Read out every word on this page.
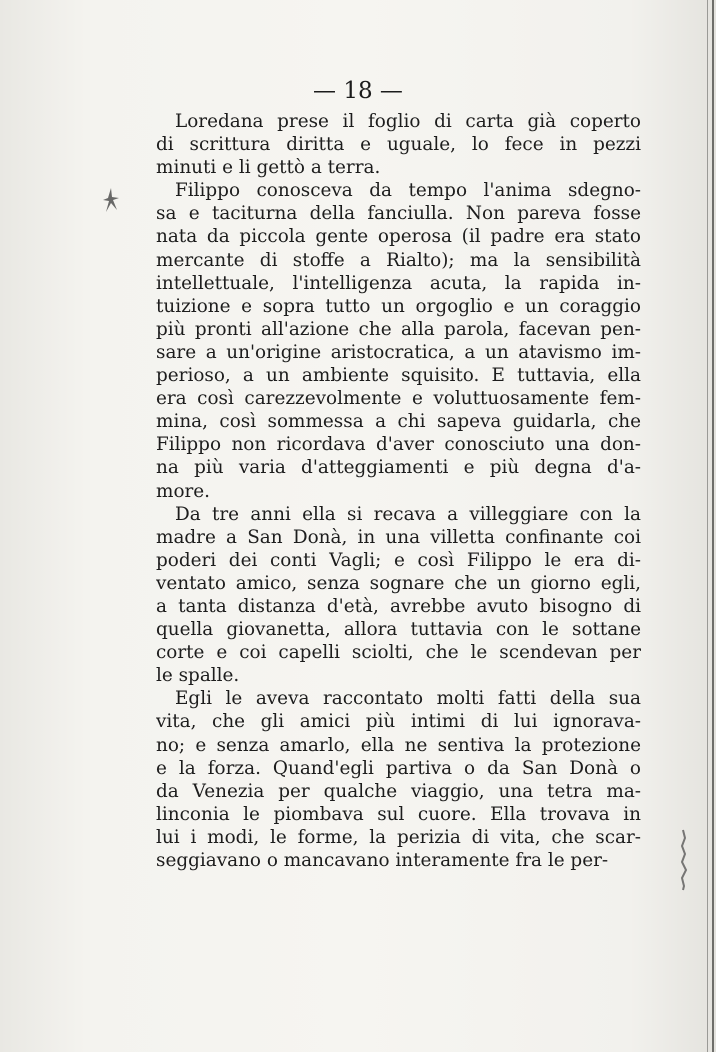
— 18 —
Loredana prese il foglio di carta già coperto
di scrittura diritta e uguale, lo fece in pezzi
minuti e li gettò a terra.
Filippo conosceva da tempo l'anima sdegno-
sa e taciturna della fanciulla. Non pareva fosse
nata da piccola gente operosa (il padre era stato
mercante di stoffe a Rialto); ma la sensibilità
intellettuale, l'intelligenza acuta, la rapida in-
tuizione e sopra tutto un orgoglio e un coraggio
più pronti all'azione che alla parola, facevan pen-
sare a un'origine aristocratica, a un atavismo im-
perioso, a un ambiente squisito. E tuttavia, ella
era così carezzevolmente e voluttuosamente fem-
mina, così sommessa a chi sapeva guidarla, che
Filippo non ricordava d'aver conosciuto una don-
na più varia d'atteggiamenti e più degna d'a-
more.
Da tre anni ella si recava a villeggiare con la
madre a San Donà, in una villetta confinante coi
poderi dei conti Vagli; e così Filippo le era di-
ventato amico, senza sognare che un giorno egli,
a tanta distanza d'età, avrebbe avuto bisogno di
quella giovanetta, allora tuttavia con le sottane
corte e coi capelli sciolti, che le scendevan per
le spalle.
Egli le aveva raccontato molti fatti della sua
vita, che gli amici più intimi di lui ignorava-
no; e senza amarlo, ella ne sentiva la protezione
e la forza. Quand'egli partiva o da San Donà o
da Venezia per qualche viaggio, una tetra ma-
linconia le piombava sul cuore. Ella trovava in
lui i modi, le forme, la perizia di vita, che scar-
seggiavano o mancavano interamente fra le per-
